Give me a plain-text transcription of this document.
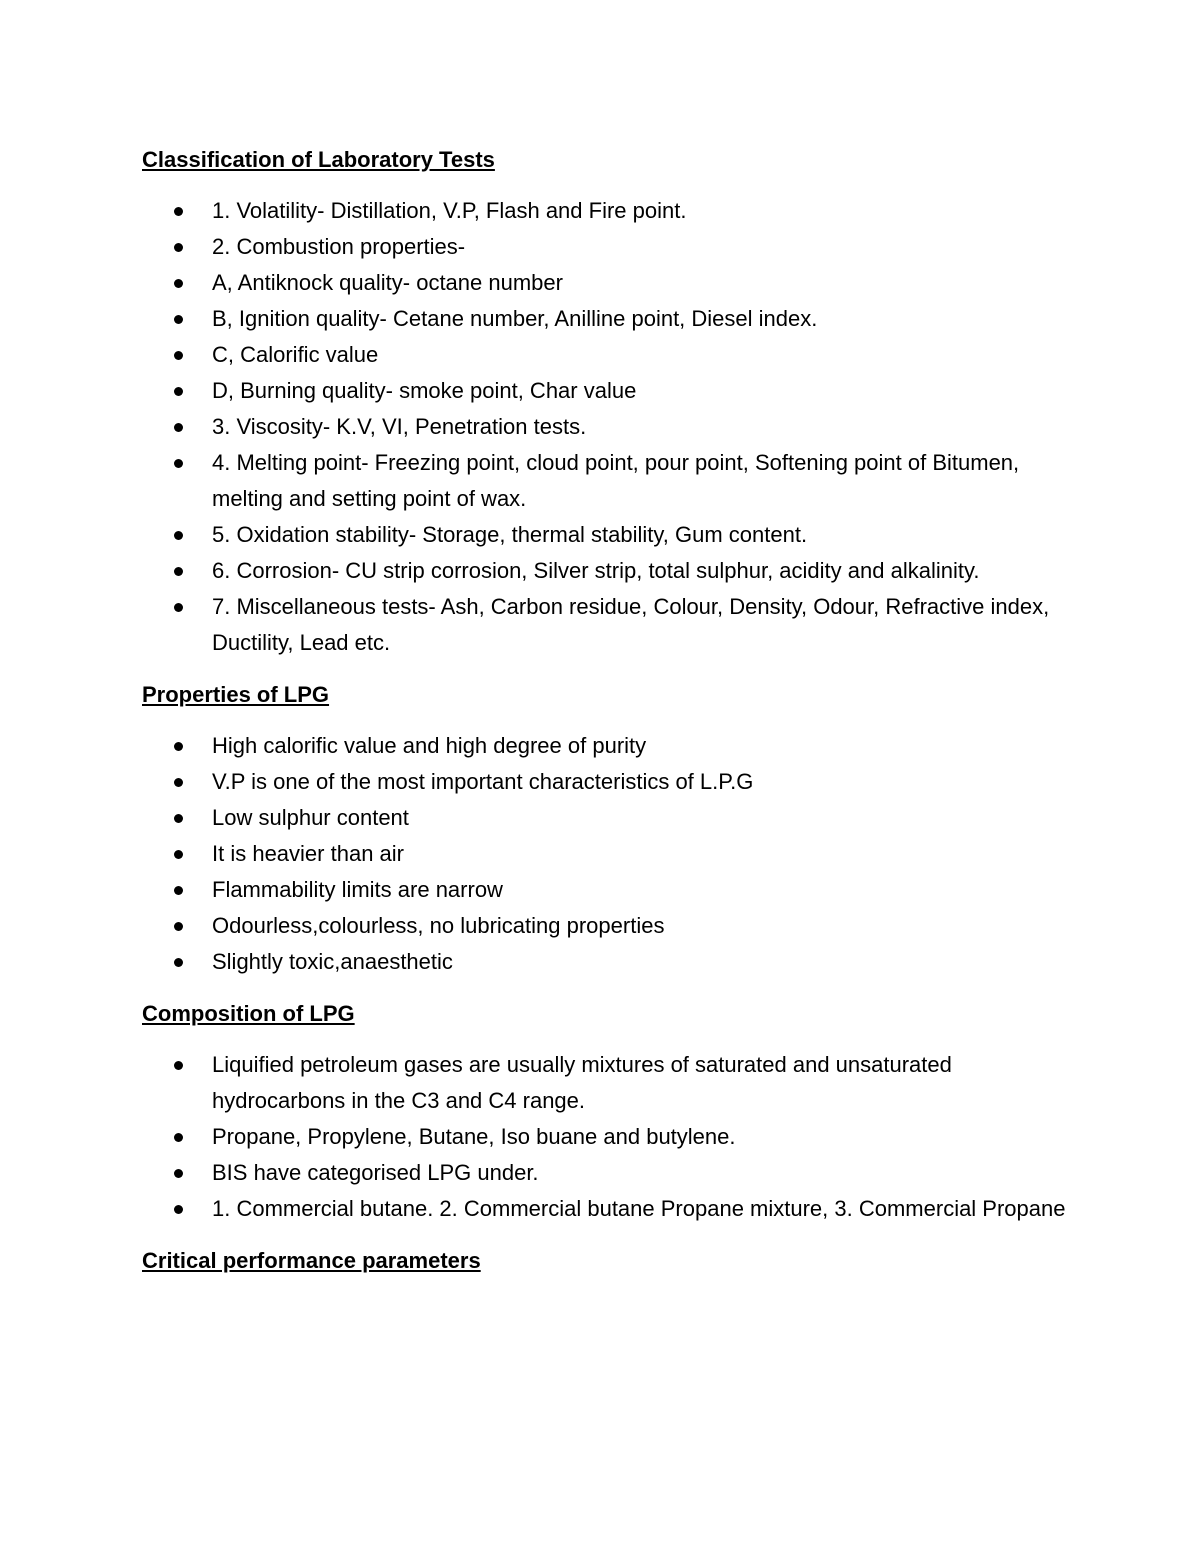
Classification of Laboratory Tests
1. Volatility- Distillation, V.P, Flash and Fire point.
2. Combustion properties-
A, Antiknock quality- octane number
B, Ignition quality- Cetane number, Anilline point, Diesel index.
C, Calorific value
D, Burning quality- smoke point, Char value
3. Viscosity- K.V, VI, Penetration tests.
4. Melting point- Freezing point, cloud point, pour point, Softening point of Bitumen, melting and setting point of wax.
5. Oxidation stability- Storage, thermal stability, Gum content.
6. Corrosion- CU strip corrosion, Silver strip, total sulphur, acidity and alkalinity.
7. Miscellaneous tests- Ash, Carbon residue, Colour, Density, Odour, Refractive index, Ductility, Lead etc.
Properties of LPG
High calorific value and high degree of purity
V.P is one of the most important characteristics of L.P.G
Low sulphur content
It is heavier than air
Flammability limits are narrow
Odourless,colourless, no lubricating properties
Slightly toxic,anaesthetic
Composition of LPG
Liquified petroleum gases are usually mixtures of saturated and unsaturated hydrocarbons in the C3 and C4 range.
Propane, Propylene, Butane, Iso buane and butylene.
BIS have categorised LPG under.
1. Commercial butane. 2. Commercial butane Propane mixture, 3. Commercial Propane
Critical performance parameters
